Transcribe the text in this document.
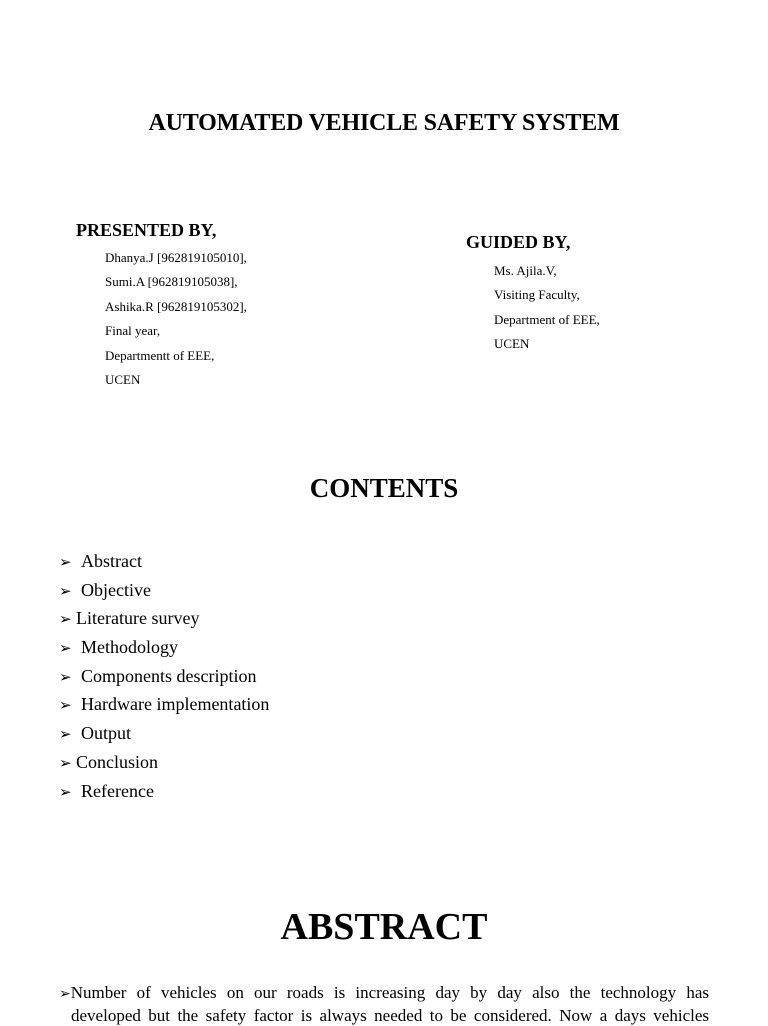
AUTOMATED VEHICLE SAFETY SYSTEM
PRESENTED BY,
Dhanya.J [962819105010],
Sumi.A [962819105038],
Ashika.R [962819105302],
Final year,
Departmentt of EEE,
UCEN
GUIDED BY,
Ms. Ajila.V,
Visiting Faculty,
Department of EEE,
UCEN
CONTENTS
➢ Abstract
➢ Objective
➢ Literature survey
➢ Methodology
➢ Components description
➢ Hardware implementation
➢ Output
➢ Conclusion
➢ Reference
ABSTRACT
➢Number of vehicles on our roads is increasing day by day also the technology has
developed but the safety factor is always needed to be considered. Now a days vehicles
